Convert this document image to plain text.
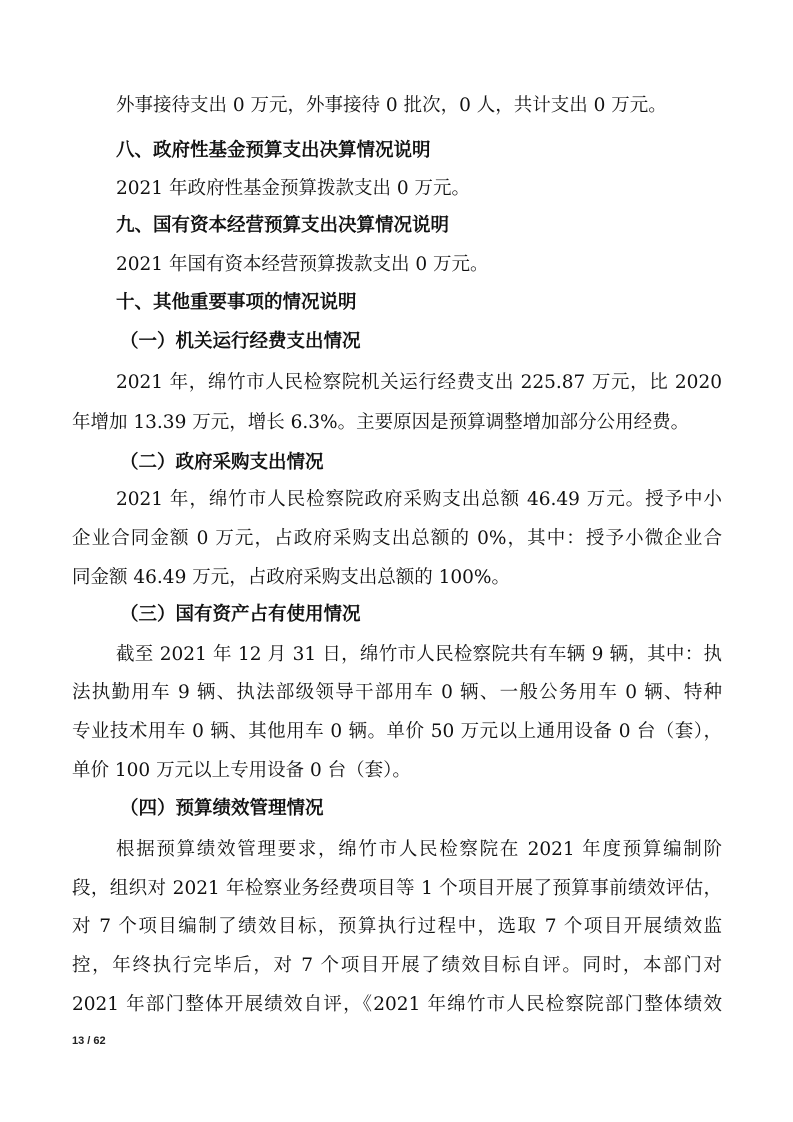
外事接待支出 0 万元，外事接待 0 批次，0 人，共计支出 0 万元。
八、政府性基金预算支出决算情况说明
2021 年政府性基金预算拨款支出 0 万元。
九、国有资本经营预算支出决算情况说明
2021 年国有资本经营预算拨款支出 0 万元。
十、其他重要事项的情况说明
（一）机关运行经费支出情况
2021 年，绵竹市人民检察院机关运行经费支出 225.87 万元，比 2020
年增加 13.39 万元，增长 6.3%。主要原因是预算调整增加部分公用经费。
（二）政府采购支出情况
2021 年，绵竹市人民检察院政府采购支出总额 46.49 万元。授予中小
企业合同金额 0 万元，占政府采购支出总额的 0%，其中：授予小微企业合
同金额 46.49 万元，占政府采购支出总额的 100%。
（三）国有资产占有使用情况
截至 2021 年 12 月 31 日，绵竹市人民检察院共有车辆 9 辆，其中：执
法执勤用车 9 辆、执法部级领导干部用车 0 辆、一般公务用车 0 辆、特种
专业技术用车 0 辆、其他用车 0 辆。单价 50 万元以上通用设备 0 台（套），
单价 100 万元以上专用设备 0 台（套）。
（四）预算绩效管理情况
根据预算绩效管理要求，绵竹市人民检察院在 2021 年度预算编制阶
段，组织对 2021 年检察业务经费项目等 1 个项目开展了预算事前绩效评估，
对 7 个项目编制了绩效目标，预算执行过程中，选取 7 个项目开展绩效监
控，年终执行完毕后，对 7 个项目开展了绩效目标自评。同时，本部门对
2021 年部门整体开展绩效自评，《2021 年绵竹市人民检察院部门整体绩效
13 / 62
